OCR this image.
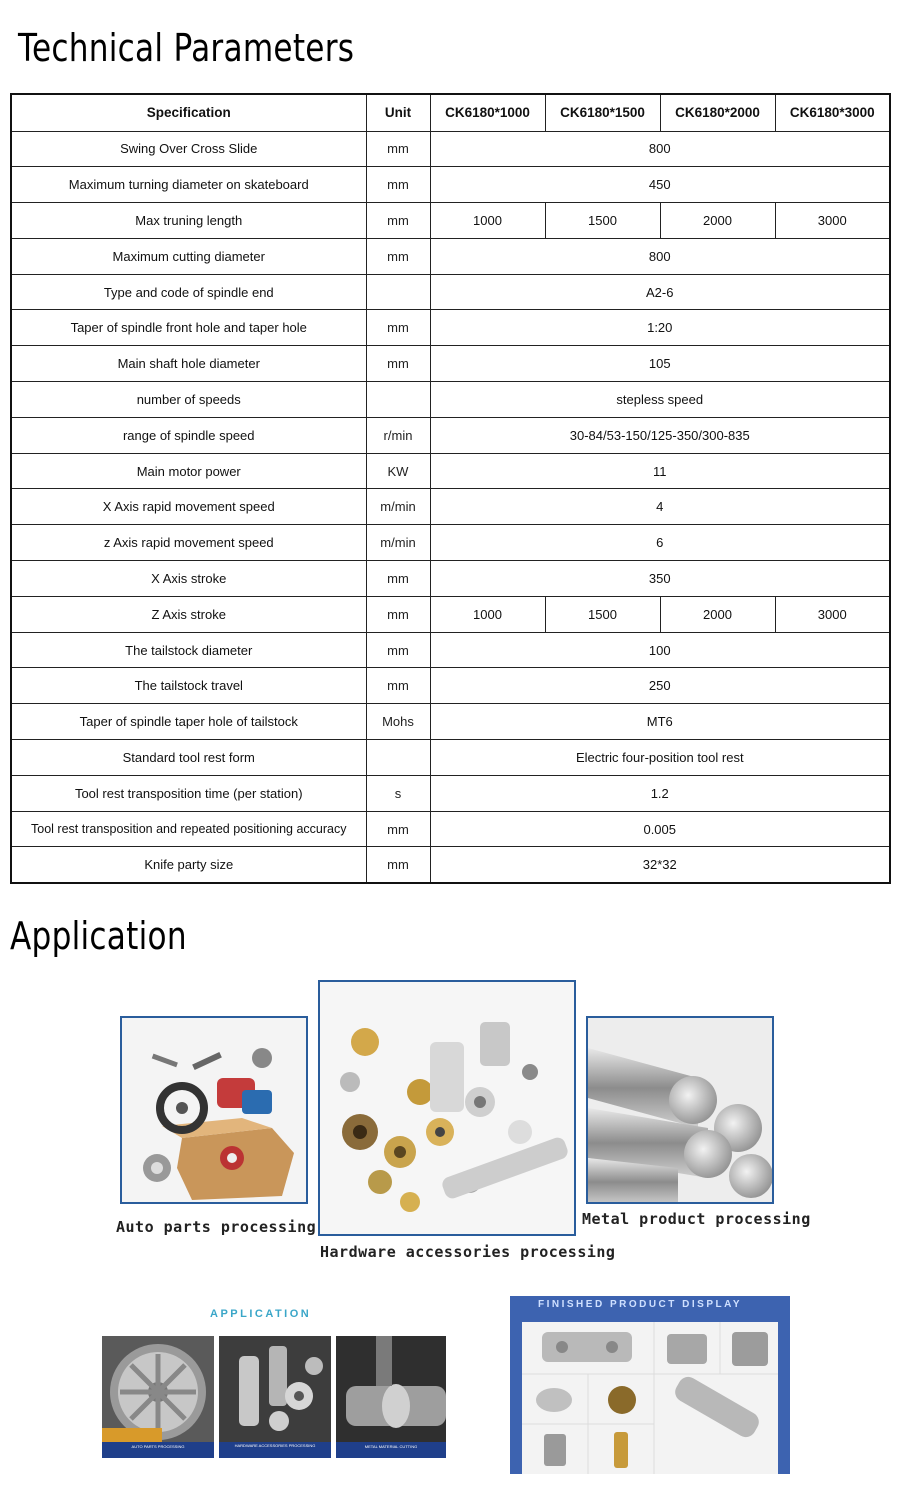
Technical Parameters
Specification	Unit	CK6180*1000	CK6180*1500	CK6180*2000	CK6180*3000
Swing Over Cross Slide	mm	800			
Maximum turning diameter on skateboard	mm	450			
Max truning length	mm	1000	1500	2000	3000
Maximum cutting diameter	mm	800			
Type and code of spindle end		A2-6			
Taper of spindle front hole and taper hole	mm	1:20			
Main shaft hole diameter	mm	105			
number of speeds		stepless speed			
range of spindle speed	r/min	30-84/53-150/125-350/300-835			
Main motor power	KW	11			
X Axis rapid movement speed	m/min	4			
z Axis rapid movement speed	m/min	6			
X Axis stroke	mm	350			
Z Axis stroke	mm	1000	1500	2000	3000
The tailstock diameter	mm	100			
The tailstock travel	mm	250			
Taper of spindle taper hole of tailstock	Mohs	MT6			
Standard tool rest form		Electric four-position tool rest			
Tool rest transposition time (per station)	s	1.2			
Tool rest transposition and repeated positioning accuracy	mm	0.005			
Knife party size	mm	32*32			
Application
Auto parts processing
Hardware accessories processing
Metal product processing
APPLICATION
AUTO PARTS PROCESSING	HARDWARE ACCESSORIES PROCESSING	METAL MATERIAL CUTTING
FINISHED PRODUCT DISPLAY
